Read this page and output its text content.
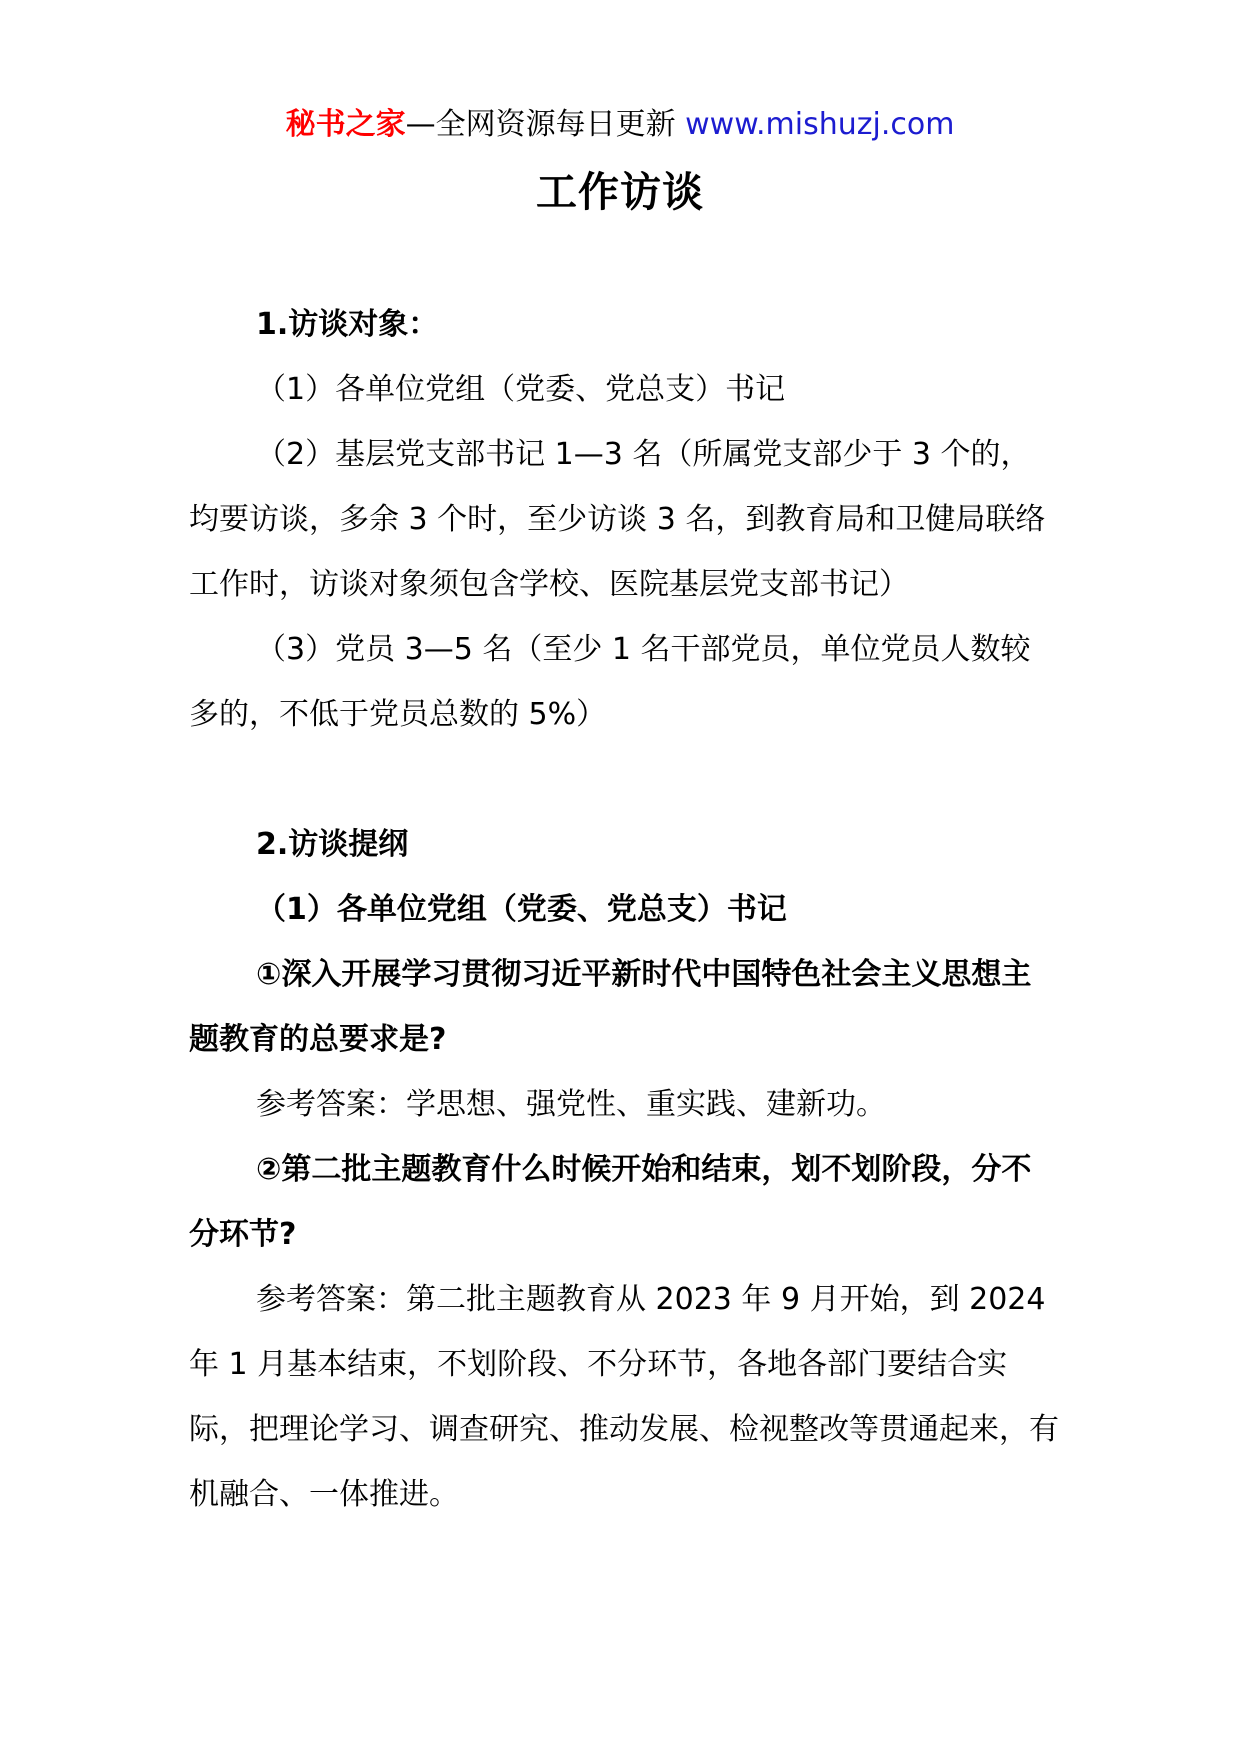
秘书之家—全网资源每日更新 www.mishuzj.com
工作访谈

1.访谈对象：

（1）各单位党组（党委、党总支）书记

（2）基层党支部书记 1—3 名（所属党支部少于 3 个的，均要访谈，多余 3 个时，至少访谈 3 名，到教育局和卫健局联络工作时，访谈对象须包含学校、医院基层党支部书记）

（3）党员 3—5 名（至少 1 名干部党员，单位党员人数较多的，不低于党员总数的 5%）

2.访谈提纲

（1）各单位党组（党委、党总支）书记

①深入开展学习贯彻习近平新时代中国特色社会主义思想主题教育的总要求是?

参考答案：学思想、强党性、重实践、建新功。

②第二批主题教育什么时候开始和结束，划不划阶段，分不分环节?

参考答案：第二批主题教育从 2023 年 9 月开始，到 2024 年 1 月基本结束，不划阶段、不分环节，各地各部门要结合实际，把理论学习、调查研究、推动发展、检视整改等贯通起来，有机融合、一体推进。
